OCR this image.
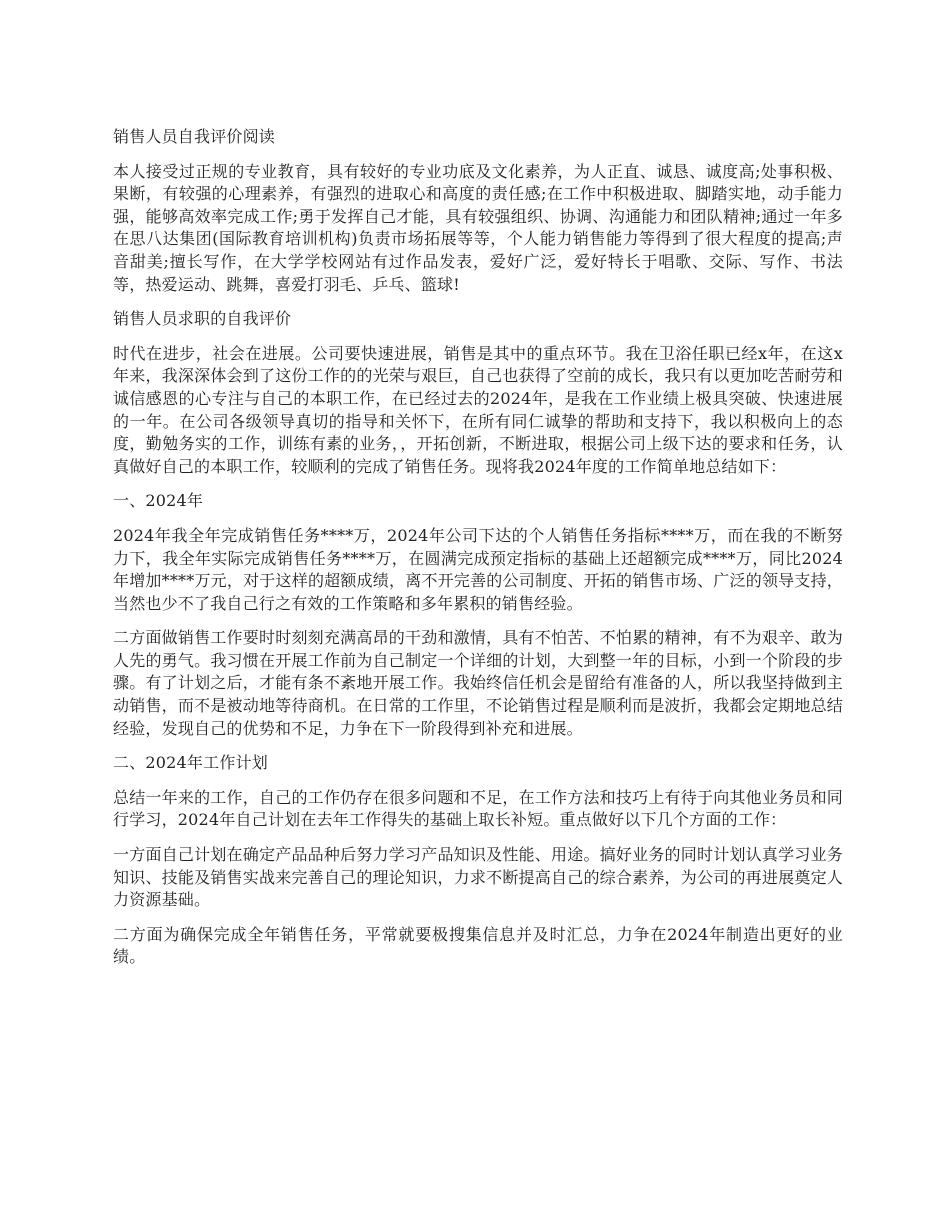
销售人员自我评价阅读

本人接受过正规的专业教育，具有较好的专业功底及文化素养，为人正直、诚恳、诚度高;处事积极、果断，有较强的心理素养，有强烈的进取心和高度的责任感;在工作中积极进取、脚踏实地，动手能力强，能够高效率完成工作;勇于发挥自己才能，具有较强组织、协调、沟通能力和团队精神;通过一年多在思八达集团(国际教育培训机构)负责市场拓展等等，个人能力销售能力等得到了很大程度的提高;声音甜美;擅长写作，在大学学校网站有过作品发表，爱好广泛，爱好特长于唱歌、交际、写作、书法等，热爱运动、跳舞，喜爱打羽毛、乒乓、篮球!

销售人员求职的自我评价

时代在进步，社会在进展。公司要快速进展，销售是其中的重点环节。我在卫浴任职已经x年，在这x年来，我深深体会到了这份工作的的光荣与艰巨，自己也获得了空前的成长，我只有以更加吃苦耐劳和诚信感恩的心专注与自己的本职工作，在已经过去的2024年，是我在工作业绩上极具突破、快速进展的一年。在公司各级领导真切的指导和关怀下，在所有同仁诚挚的帮助和支持下，我以积极向上的态度，勤勉务实的工作，训练有素的业务，，开拓创新，不断进取，根据公司上级下达的要求和任务，认真做好自己的本职工作，较顺利的完成了销售任务。现将我2024年度的工作简单地总结如下：

一、2024年

2024年我全年完成销售任务****万，2024年公司下达的个人销售任务指标****万，而在我的不断努力下，我全年实际完成销售任务****万，在圆满完成预定指标的基础上还超额完成****万，同比2024年增加****万元，对于这样的超额成绩，离不开完善的公司制度、开拓的销售市场、广泛的领导支持，当然也少不了我自己行之有效的工作策略和多年累积的销售经验。

二方面做销售工作要时时刻刻充满高昂的干劲和激情，具有不怕苦、不怕累的精神，有不为艰辛、敢为人先的勇气。我习惯在开展工作前为自己制定一个详细的计划，大到整一年的目标，小到一个阶段的步骤。有了计划之后，才能有条不紊地开展工作。我始终信任机会是留给有准备的人，所以我坚持做到主动销售，而不是被动地等待商机。在日常的工作里，不论销售过程是顺利而是波折，我都会定期地总结经验，发现自己的优势和不足，力争在下一阶段得到补充和进展。

二、2024年工作计划

总结一年来的工作，自己的工作仍存在很多问题和不足，在工作方法和技巧上有待于向其他业务员和同行学习，2024年自己计划在去年工作得失的基础上取长补短。重点做好以下几个方面的工作：

一方面自己计划在确定产品品种后努力学习产品知识及性能、用途。搞好业务的同时计划认真学习业务知识、技能及销售实战来完善自己的理论知识，力求不断提高自己的综合素养，为公司的再进展奠定人力资源基础。

二方面为确保完成全年销售任务，平常就要极搜集信息并及时汇总，力争在2024年制造出更好的业绩。
